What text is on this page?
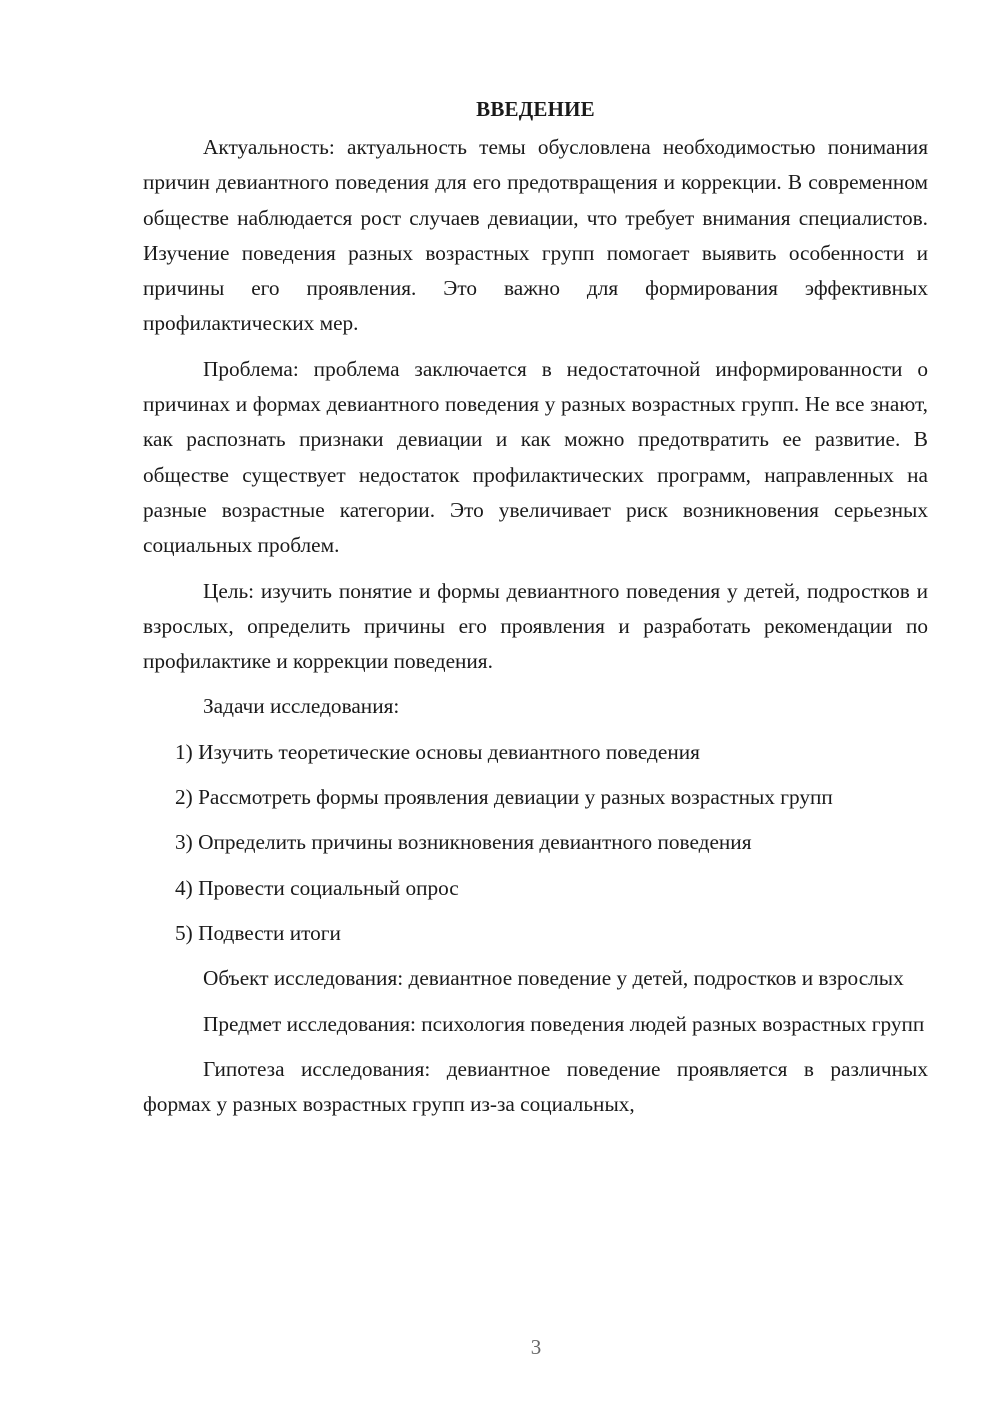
ВВЕДЕНИЕ

Актуальность: актуальность темы обусловлена необходимостью понимания причин девиантного поведения для его предотвращения и коррекции. В современном обществе наблюдается рост случаев девиации, что требует внимания специалистов. Изучение поведения разных возрастных групп помогает выявить особенности и причины его проявления. Это важно для формирования эффективных профилактических мер.

Проблема: проблема заключается в недостаточной информированности о причинах и формах девиантного поведения у разных возрастных групп. Не все знают, как распознать признаки девиации и как можно предотвратить ее развитие. В обществе существует недостаток профилактических программ, направленных на разные возрастные категории. Это увеличивает риск возникновения серьезных социальных проблем.

Цель: изучить понятие и формы девиантного поведения у детей, подростков и взрослых, определить причины его проявления и разработать рекомендации по профилактике и коррекции поведения.

Задачи исследования:

1) Изучить теоретические основы девиантного поведения

2) Рассмотреть формы проявления девиации у разных возрастных групп

3) Определить причины возникновения девиантного поведения

4) Провести социальный опрос

5) Подвести итоги

Объект исследования: девиантное поведение у детей, подростков и взрослых

Предмет исследования: психология поведения людей разных возрастных групп

Гипотеза исследования: девиантное поведение проявляется в различных формах у разных возрастных групп из-за социальных,

3
